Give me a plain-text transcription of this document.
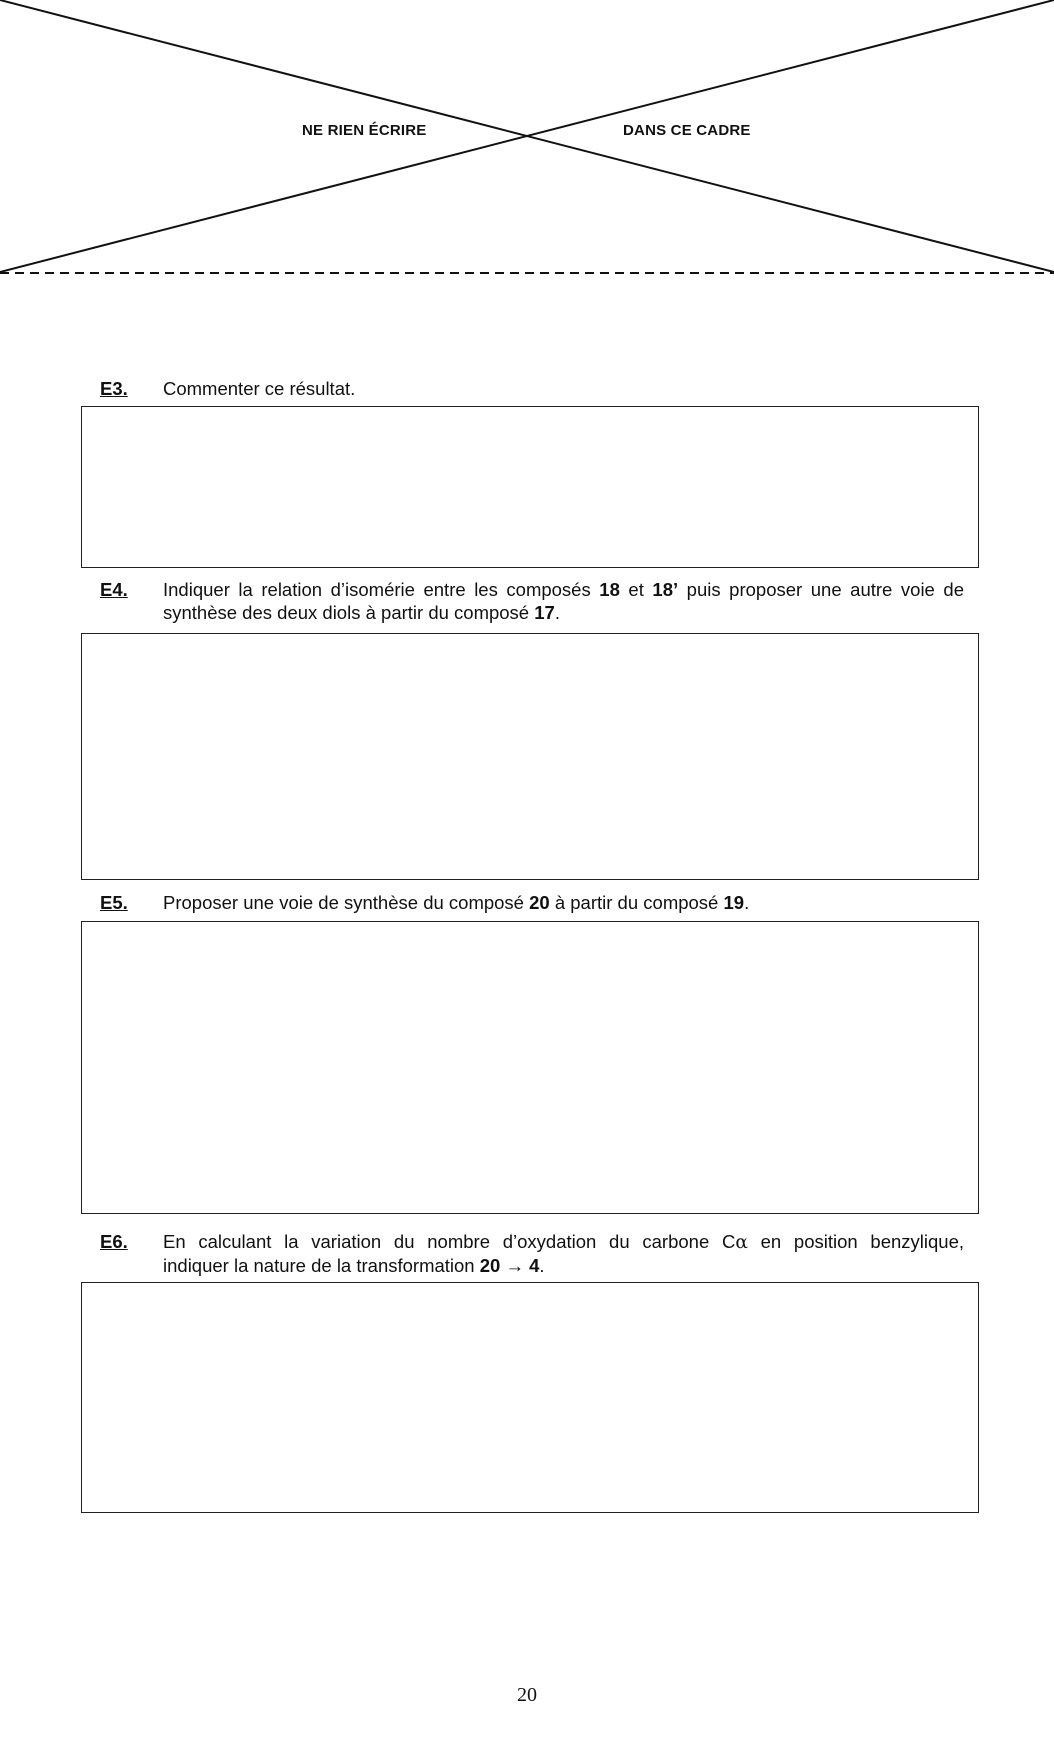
NE RIEN ÉCRIRE	DANS CE CADRE
E3. Commenter ce résultat.
E4. Indiquer la relation d’isomérie entre les composés 18 et 18’ puis proposer une autre voie de
synthèse des deux diols à partir du composé 17.
E5. Proposer une voie de synthèse du composé 20 à partir du composé 19.
E6. En calculant la variation du nombre d’oxydation du carbone Cα en position benzylique,
indiquer la nature de la transformation 20 → 4.
20
